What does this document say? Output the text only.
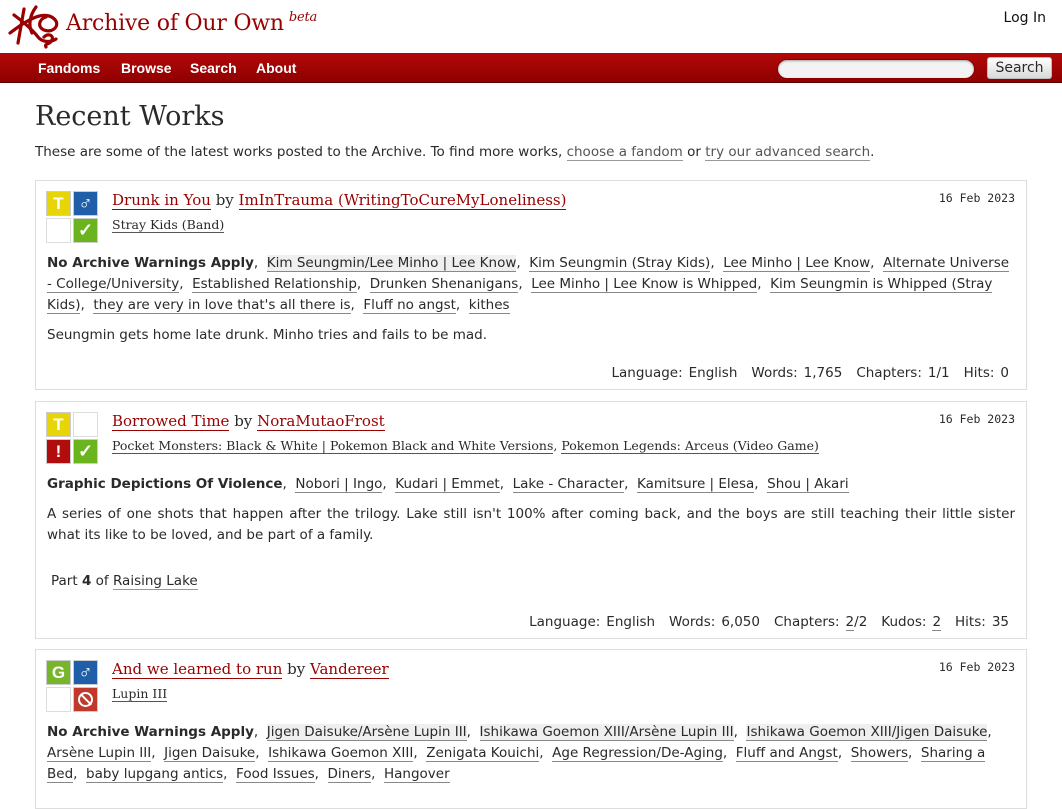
Archive of Our Own $^{beta}$	Log In
Fandoms Browse Search About	Search
Recent Works
These are some of the latest works posted to the Archive. To find more works, choose a fandom or try our advanced search.
T ♂
✓
Drunk in You by ImInTrauma (WritingToCureMyLoneliness)
Stray Kids (Band)
16 Feb 2023
No Archive Warnings Apply,  Kim Seungmin/Lee Minho | Lee Know,  Kim Seungmin (Stray Kids),  Lee Minho | Lee Know,  Alternate Universe - College/University,  Established Relationship,  Drunken Shenanigans,  Lee Minho | Lee Know is Whipped,  Kim Seungmin is Whipped (Stray Kids),  they are very in love that's all there is,  Fluff no angst,  kithes
Seungmin gets home late drunk. Minho tries and fails to be mad.
Language: English Words: 1,765 Chapters: 1/1 Hits: 0
T
! ✓
Borrowed Time by NoraMutaoFrost
Pocket Monsters: Black & White | Pokemon Black and White Versions, Pokemon Legends: Arceus (Video Game)
16 Feb 2023
Graphic Depictions Of Violence,  Nobori | Ingo,  Kudari | Emmet,  Lake - Character,  Kamitsure | Elesa,  Shou | Akari
A series of one shots that happen after the trilogy. Lake still isn't 100% after coming back, and the boys are still teaching their little sister what its like to be loved, and be part of a family.
Part 4 of Raising Lake
Language: English Words: 6,050 Chapters: 2/2 Kudos: 2 Hits: 35
G ♂	And we learned to run by Vandereer
Lupin III
16 Feb 2023
No Archive Warnings Apply,  Jigen Daisuke/Arsène Lupin III,  Ishikawa Goemon XIII/Arsène Lupin III,  Ishikawa Goemon XIII/Jigen Daisuke,  Arsène Lupin III,  Jigen Daisuke,  Ishikawa Goemon XIII,  Zenigata Kouichi,  Age Regression/De-Aging,  Fluff and Angst,  Showers,  Sharing a Bed,  baby lupgang antics,  Food Issues,  Diners,  Hangover
